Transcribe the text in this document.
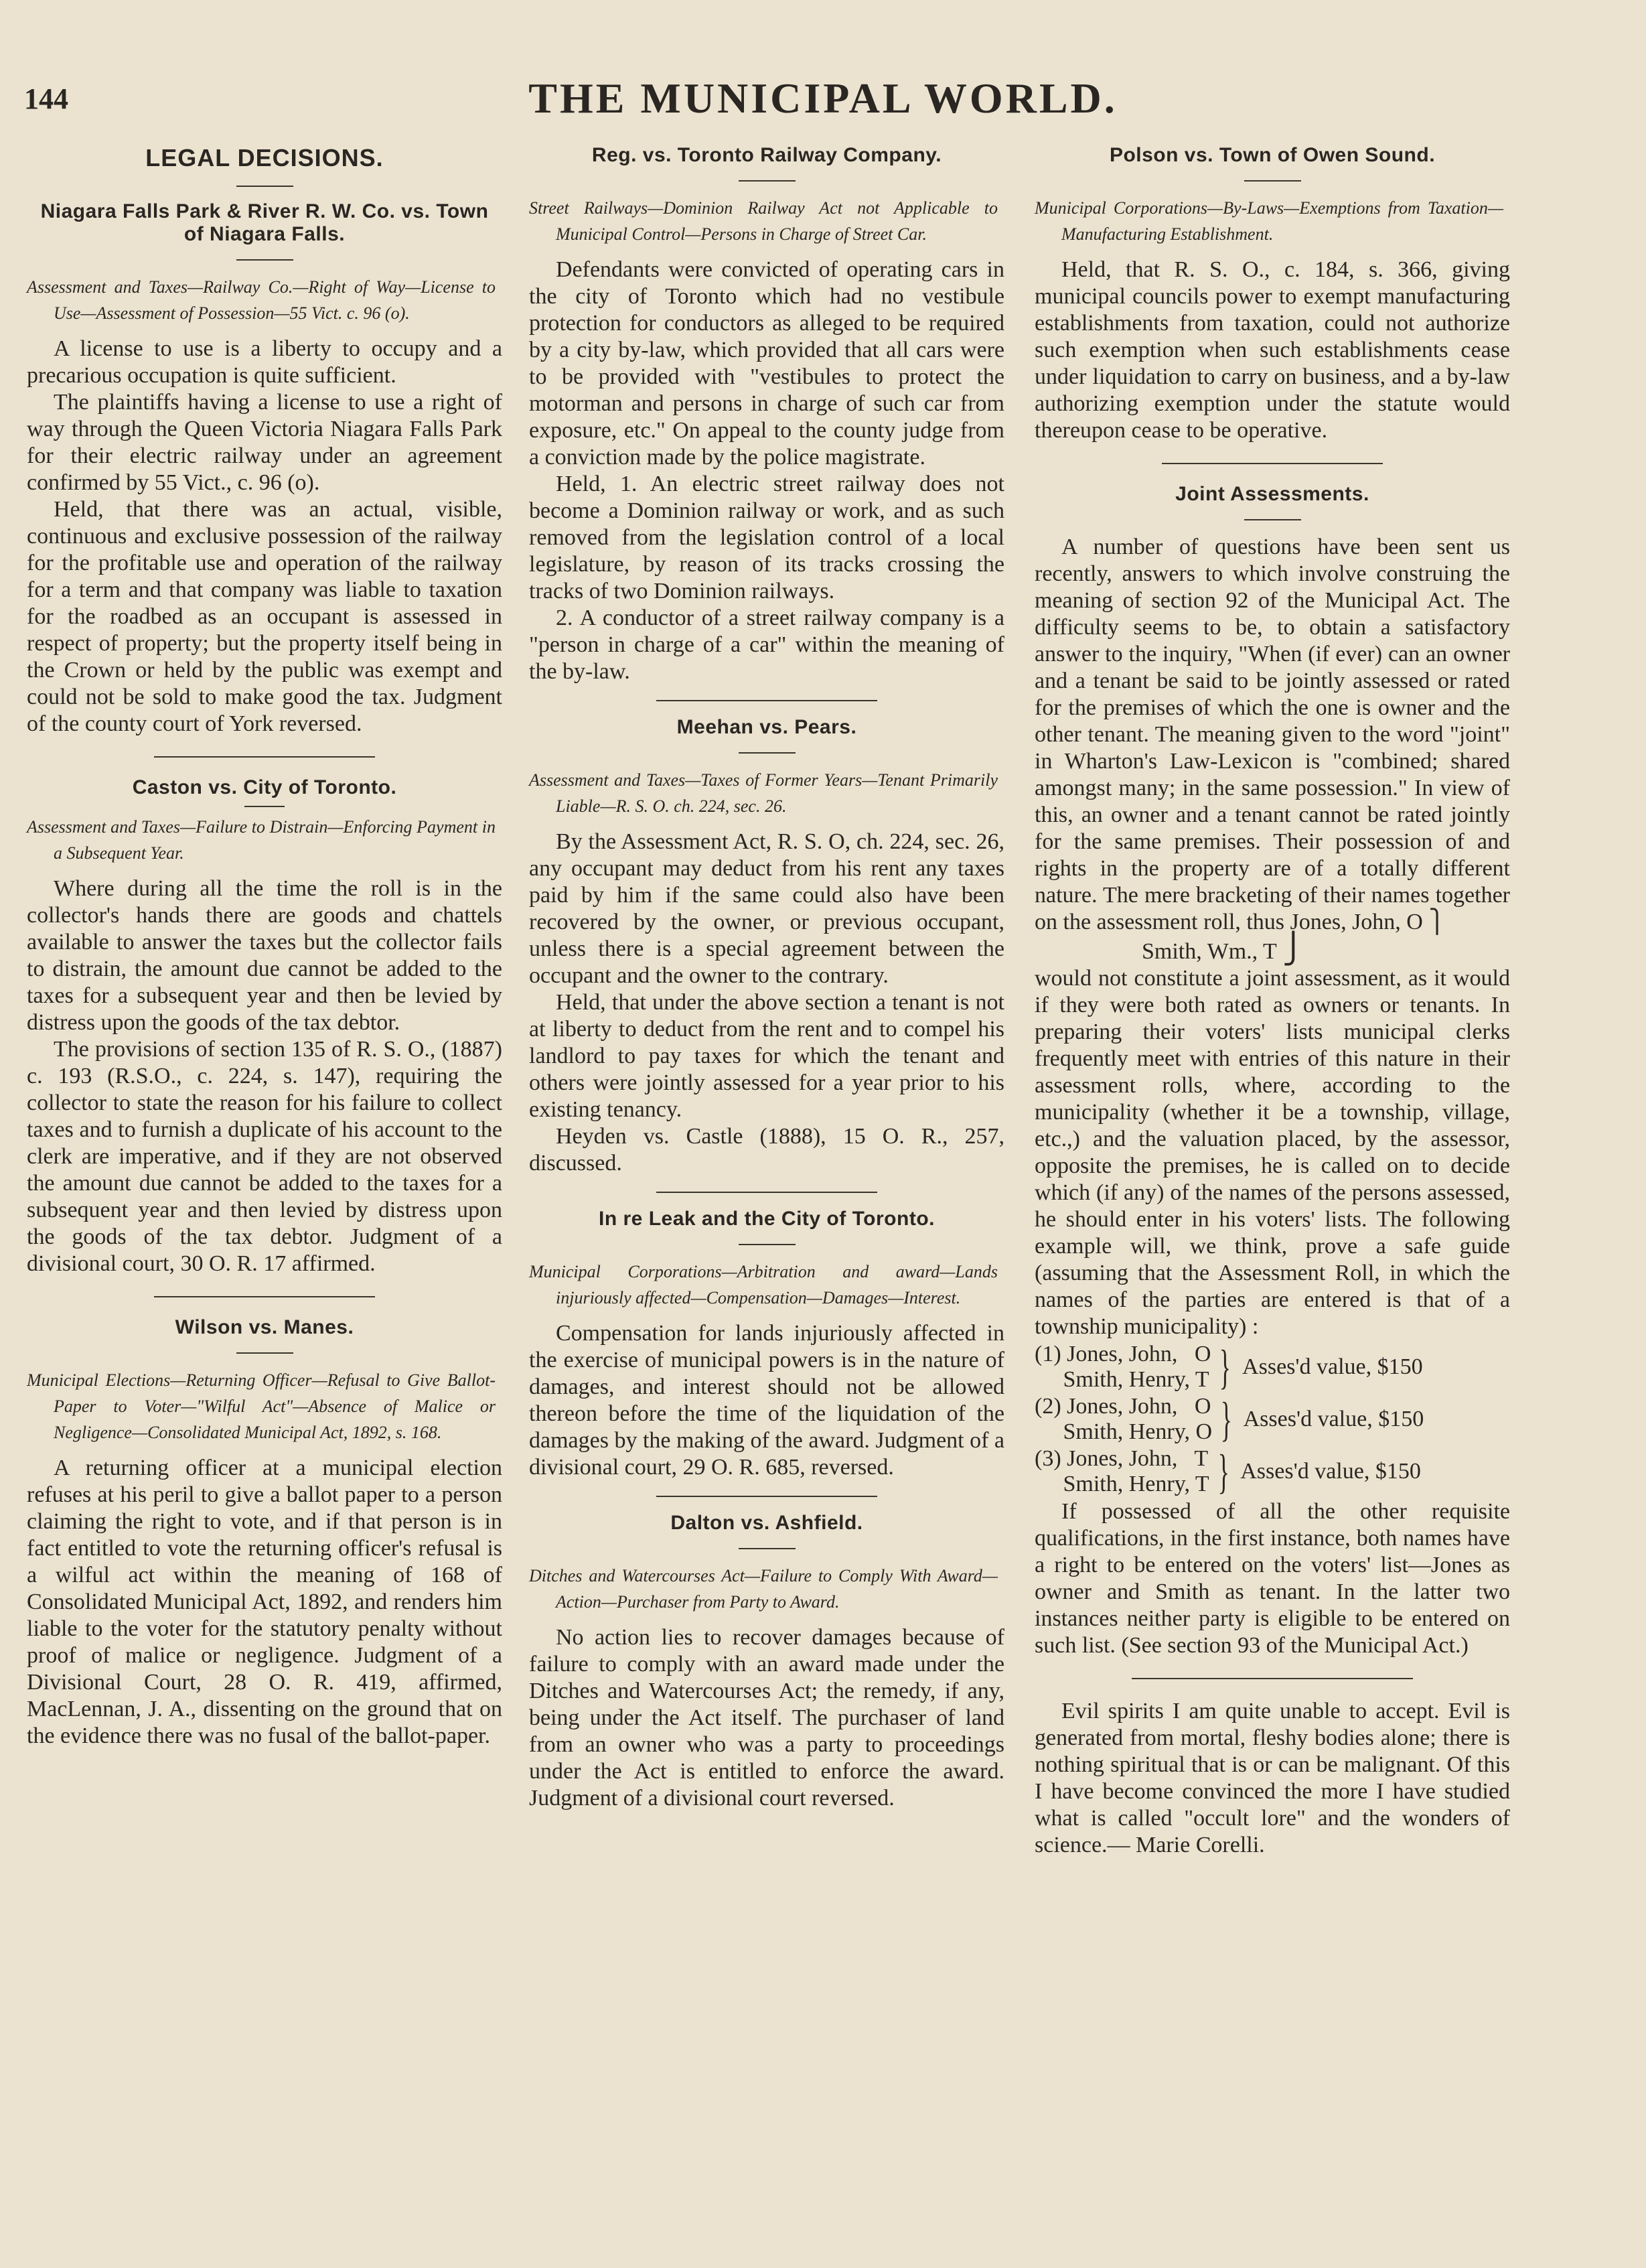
144	THE MUNICIPAL WORLD.
LEGAL DECISIONS.
Niagara Falls Park & River R. W. Co. vs. Town of Niagara Falls.
Assessment and Taxes—Railway Co.—Right of Way—License to Use—Assessment of Possession—55 Vict. c. 96 (o).

A license to use is a liberty to occupy and a precarious occupation is quite sufficient.

The plaintiffs having a license to use a right of way through the Queen Victoria Niagara Falls Park for their electric railway under an agreement confirmed by 55 Vict., c. 96 (o).

Held, that there was an actual, visible, continuous and exclusive possession of the railway for the profitable use and operation of the railway for a term and that company was liable to taxation for the roadbed as an occupant is assessed in respect of property; but the property itself being in the Crown or held by the public was exempt and could not be sold to make good the tax. Judgment of the county court of York reversed.

Caston vs. City of Toronto.
Assessment and Taxes—Failure to Distrain—Enforcing Payment in a Subsequent Year.

Where during all the time the roll is in the collector's hands there are goods and chattels available to answer the taxes but the collector fails to distrain, the amount due cannot be added to the taxes for a subsequent year and then be levied by distress upon the goods of the tax debtor.

The provisions of section 135 of R. S. O., (1887) c. 193 (R.S.O., c. 224, s. 147), requiring the collector to state the reason for his failure to collect taxes and to furnish a duplicate of his account to the clerk are imperative, and if they are not observed the amount due cannot be added to the taxes for a subsequent year and then levied by distress upon the goods of the tax debtor. Judgment of a divisional court, 30 O. R. 17 affirmed.

Wilson vs. Manes.
Municipal Elections—Returning Officer—Refusal to Give Ballot-Paper to Voter—"Wilful Act"—Absence of Malice or Negligence—Consolidated Municipal Act, 1892, s. 168.

A returning officer at a municipal election refuses at his peril to give a ballot paper to a person claiming the right to vote, and if that person is in fact entitled to vote the returning officer's refusal is a wilful act within the meaning of 168 of Consolidated Municipal Act, 1892, and renders him liable to the voter for the statutory penalty without proof of malice or negligence. Judgment of a Divisional Court, 28 O. R. 419, affirmed, MacLennan, J. A., dissenting on the ground that on the evidence there was no fusal of the ballot-paper.

Reg. vs. Toronto Railway Company.
Street Railways—Dominion Railway Act not Applicable to Municipal Control—Persons in Charge of Street Car.

Defendants were convicted of operating cars in the city of Toronto which had no vestibule protection for conductors as alleged to be required by a city by-law, which provided that all cars were to be provided with "vestibules to protect the motorman and persons in charge of such car from exposure, etc." On appeal to the county judge from a conviction made by the police magistrate.

Held, 1. An electric street railway does not become a Dominion railway or work, and as such removed from the legislation control of a local legislature, by reason of its tracks crossing the tracks of two Dominion railways.

2. A conductor of a street railway company is a "person in charge of a car" within the meaning of the by-law.

Meehan vs. Pears.
Assessment and Taxes—Taxes of Former Years—Tenant Primarily Liable—R. S. O. ch. 224, sec. 26.

By the Assessment Act, R. S. O, ch. 224, sec. 26, any occupant may deduct from his rent any taxes paid by him if the same could also have been recovered by the owner, or previous occupant, unless there is a special agreement between the occupant and the owner to the contrary.

Held, that under the above section a tenant is not at liberty to deduct from the rent and to compel his landlord to pay taxes for which the tenant and others were jointly assessed for a year prior to his existing tenancy.

Heyden vs. Castle (1888), 15 O. R., 257, discussed.

In re Leak and the City of Toronto.
Municipal Corporations—Arbitration and award—Lands injuriously affected—Compensation—Damages—Interest.

Compensation for lands injuriously affected in the exercise of municipal powers is in the nature of damages, and interest should not be allowed thereon before the time of the liquidation of the damages by the making of the award. Judgment of a divisional court, 29 O. R. 685, reversed.

Dalton vs. Ashfield.
Ditches and Watercourses Act—Failure to Comply With Award—Action—Purchaser from Party to Award.

No action lies to recover damages because of failure to comply with an award made under the Ditches and Watercourses Act; the remedy, if any, being under the Act itself. The purchaser of land from an owner who was a party to proceedings under the Act is entitled to enforce the award. Judgment of a divisional court reversed.

Polson vs. Town of Owen Sound.
Municipal Corporations—By-Laws—Exemptions from Taxation—Manufacturing Establishment.

Held, that R. S. O., c. 184, s. 366, giving municipal councils power to exempt manufacturing establishments from taxation, could not authorize such exemption when such establishments cease under liquidation to carry on business, and a by-law authorizing exemption under the statute would thereupon cease to be operative.

Joint Assessments.

A number of questions have been sent us recently, answers to which involve construing the meaning of section 92 of the Municipal Act. The difficulty seems to be, to obtain a satisfactory answer to the inquiry, "When (if ever) can an owner and a tenant be said to be jointly assessed or rated for the premises of which the one is owner and the other tenant. The meaning given to the word "joint" in Wharton's Law-Lexicon is "combined; shared amongst many; in the same possession." In view of this, an owner and a tenant cannot be rated jointly for the same premises. Their possession of and rights in the property are of a totally different nature. The mere bracketing of their names together on the assessment roll, thus Jones, John, O ⎫

Smith, Wm., T ⎭

would not constitute a joint assessment, as it would if they were both rated as owners or tenants. In preparing their voters' lists municipal clerks frequently meet with entries of this nature in their assessment rolls, where, according to the municipality (whether it be a township, village, etc.,) and the valuation placed, by the assessor, opposite the premises, he is called on to decide which (if any) of the names of the persons assessed, he should enter in his voters' lists. The following example will, we think, prove a safe guide (assuming that the Assessment Roll, in which the names of the parties are entered is that of a township municipality) :

(1) Jones, John,   O
Smith, Henry, T } Asses'd value, $150
(2) Jones, John,   O
Smith, Henry, O } Asses'd value, $150
(3) Jones, John,   T
Smith, Henry, T } Asses'd value, $150

If possessed of all the other requisite qualifications, in the first instance, both names have a right to be entered on the voters' list—Jones as owner and Smith as tenant. In the latter two instances neither party is eligible to be entered on such list. (See section 93 of the Municipal Act.)

Evil spirits I am quite unable to accept. Evil is generated from mortal, fleshy bodies alone; there is nothing spiritual that is or can be malignant. Of this I have become convinced the more I have studied what is called "occult lore" and the wonders of science.— Marie Corelli.
